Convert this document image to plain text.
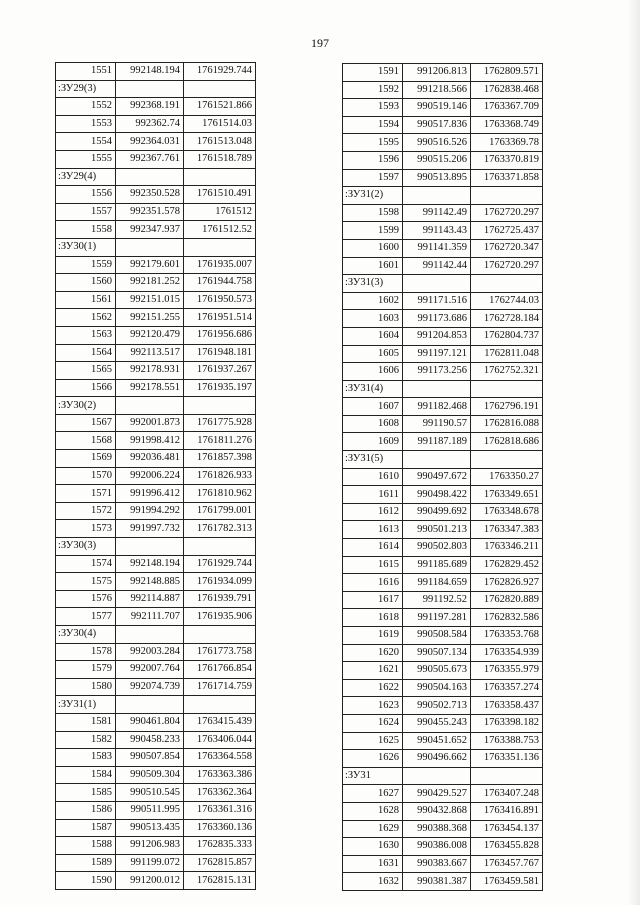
197
1551	992148.194	1761929.744
:ЗУ29(3)		
1552	992368.191	1761521.866
1553	992362.74	1761514.03
1554	992364.031	1761513.048
1555	992367.761	1761518.789
:ЗУ29(4)		
1556	992350.528	1761510.491
1557	992351.578	1761512
1558	992347.937	1761512.52
:ЗУ30(1)		
1559	992179.601	1761935.007
1560	992181.252	1761944.758
1561	992151.015	1761950.573
1562	992151.255	1761951.514
1563	992120.479	1761956.686
1564	992113.517	1761948.181
1565	992178.931	1761937.267
1566	992178.551	1761935.197
:ЗУ30(2)		
1567	992001.873	1761775.928
1568	991998.412	1761811.276
1569	992036.481	1761857.398
1570	992006.224	1761826.933
1571	991996.412	1761810.962
1572	991994.292	1761799.001
1573	991997.732	1761782.313
:ЗУ30(3)		
1574	992148.194	1761929.744
1575	992148.885	1761934.099
1576	992114.887	1761939.791
1577	992111.707	1761935.906
:ЗУ30(4)		
1578	992003.284	1761773.758
1579	992007.764	1761766.854
1580	992074.739	1761714.759
:ЗУ31(1)		
1581	990461.804	1763415.439
1582	990458.233	1763406.044
1583	990507.854	1763364.558
1584	990509.304	1763363.386
1585	990510.545	1763362.364
1586	990511.995	1763361.316
1587	990513.435	1763360.136
1588	991206.983	1762835.333
1589	991199.072	1762815.857
1590	991200.012	1762815.131
1591	991206.813	1762809.571
1592	991218.566	1762838.468
1593	990519.146	1763367.709
1594	990517.836	1763368.749
1595	990516.526	1763369.78
1596	990515.206	1763370.819
1597	990513.895	1763371.858
:ЗУ31(2)		
1598	991142.49	1762720.297
1599	991143.43	1762725.437
1600	991141.359	1762720.347
1601	991142.44	1762720.297
:ЗУ31(3)		
1602	991171.516	1762744.03
1603	991173.686	1762728.184
1604	991204.853	1762804.737
1605	991197.121	1762811.048
1606	991173.256	1762752.321
:ЗУ31(4)		
1607	991182.468	1762796.191
1608	991190.57	1762816.088
1609	991187.189	1762818.686
:ЗУ31(5)		
1610	990497.672	1763350.27
1611	990498.422	1763349.651
1612	990499.692	1763348.678
1613	990501.213	1763347.383
1614	990502.803	1763346.211
1615	991185.689	1762829.452
1616	991184.659	1762826.927
1617	991192.52	1762820.889
1618	991197.281	1762832.586
1619	990508.584	1763353.768
1620	990507.134	1763354.939
1621	990505.673	1763355.979
1622	990504.163	1763357.274
1623	990502.713	1763358.437
1624	990455.243	1763398.182
1625	990451.652	1763388.753
1626	990496.662	1763351.136
:ЗУ31		
1627	990429.527	1763407.248
1628	990432.868	1763416.891
1629	990388.368	1763454.137
1630	990386.008	1763455.828
1631	990383.667	1763457.767
1632	990381.387	1763459.581
